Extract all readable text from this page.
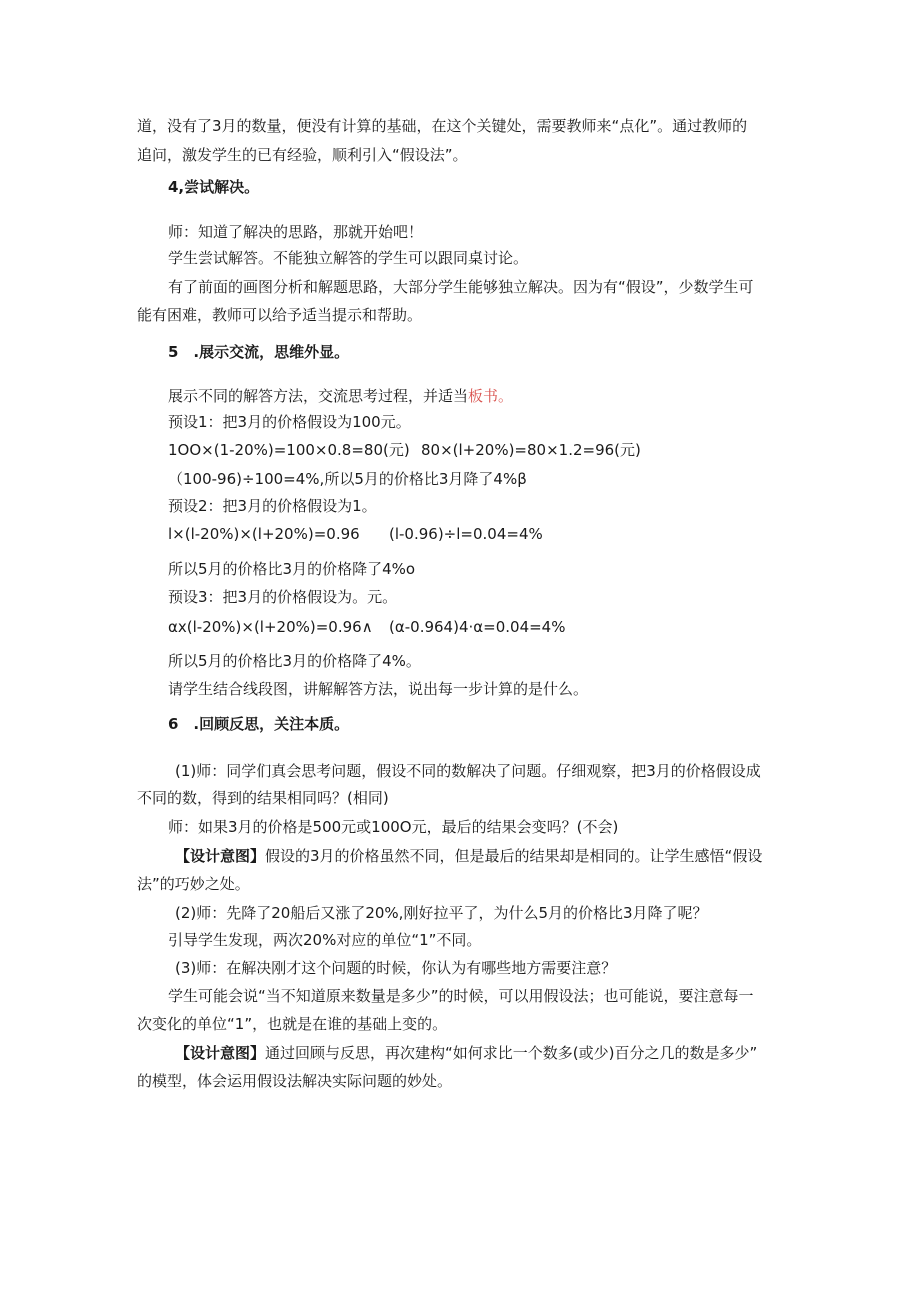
道，没有了3月的数量，便没有计算的基础，在这个关键处，需要教师来“点化”。通过教师的
追问，激发学生的已有经验，顺利引入“假设法”。
4,尝试解决。
师：知道了解决的思路，那就开始吧！
学生尝试解答。不能独立解答的学生可以跟同桌讨论。
有了前面的画图分析和解题思路，大部分学生能够独立解决。因为有“假设”，少数学生可
能有困难，教师可以给予适当提示和帮助。
5　.展示交流，思维外显。
展示不同的解答方法，交流思考过程，并适当板书。
预设1：把3月的价格假设为100元。
1OO×(1-20%)=100×0.8=80(元) 80×(l+20%)=80×1.2=96(元)
（100-96)÷100=4%,所以5月的价格比3月降了4%β
预设2：把3月的价格假设为1。
l×(l-20%)×(l+20%)=0.96 (l-0.96)÷l=0.04=4%
所以5月的价格比3月的价格降了4%o
预设3：把3月的价格假设为。元。
αx(l-20%)×(l+20%)=0.96∧ (α-0.964)4·α=0.04=4%
所以5月的价格比3月的价格降了4%。
请学生结合线段图，讲解解答方法，说出每一步计算的是什么。
6　.回顾反思，关注本质。
(1)师：同学们真会思考问题，假设不同的数解决了问题。仔细观察，把3月的价格假设成
不同的数，得到的结果相同吗？(相同)
师：如果3月的价格是500元或100O元，最后的结果会变吗？(不会)
【设计意图】假设的3月的价格虽然不同，但是最后的结果却是相同的。让学生感悟“假设
法”的巧妙之处。
(2)师：先降了20船后又涨了20%,刚好拉平了，为什么5月的价格比3月降了呢？
引导学生发现，两次20%对应的单位“1”不同。
(3)师：在解决刚才这个问题的时候，你认为有哪些地方需要注意？
学生可能会说“当不知道原来数量是多少”的时候，可以用假设法；也可能说，要注意每一
次变化的单位“1”，也就是在谁的基础上变的。
【设计意图】通过回顾与反思，再次建构“如何求比一个数多(或少)百分之几的数是多少”
的模型，体会运用假设法解决实际问题的妙处。
